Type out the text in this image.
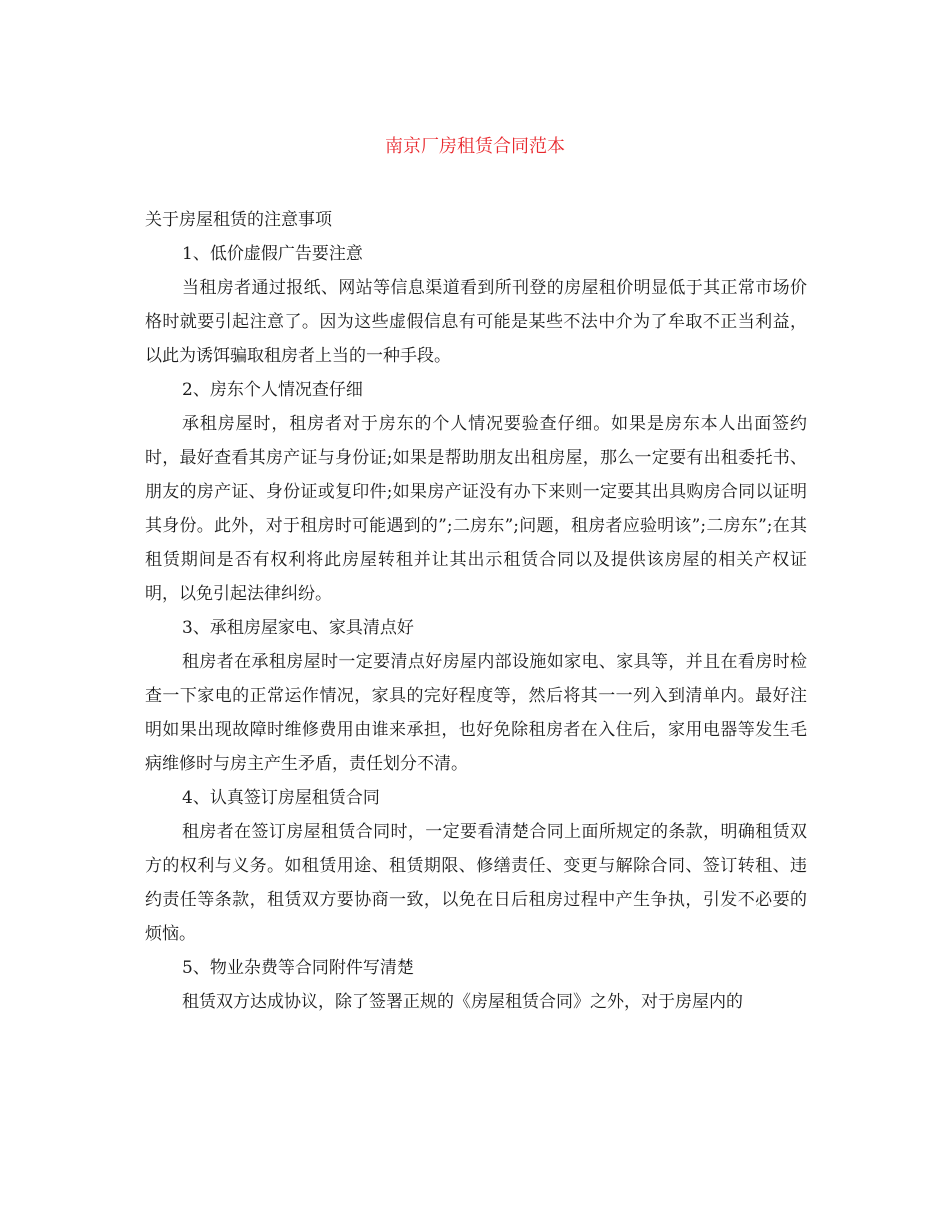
南京厂房租赁合同范本

关于房屋租赁的注意事项

1、低价虚假广告要注意

当租房者通过报纸、网站等信息渠道看到所刊登的房屋租价明显低于其正常市场价格时就要引起注意了。因为这些虚假信息有可能是某些不法中介为了牟取不正当利益，以此为诱饵骗取租房者上当的一种手段。

2、房东个人情况查仔细

承租房屋时，租房者对于房东的个人情况要验查仔细。如果是房东本人出面签约时，最好查看其房产证与身份证;如果是帮助朋友出租房屋，那么一定要有出租委托书、朋友的房产证、身份证或复印件;如果房产证没有办下来则一定要其出具购房合同以证明其身份。此外，对于租房时可能遇到的”;二房东”;问题，租房者应验明该”;二房东”;在其租赁期间是否有权利将此房屋转租并让其出示租赁合同以及提供该房屋的相关产权证明，以免引起法律纠纷。

3、承租房屋家电、家具清点好

租房者在承租房屋时一定要清点好房屋内部设施如家电、家具等，并且在看房时检查一下家电的正常运作情况，家具的完好程度等，然后将其一一列入到清单内。最好注明如果出现故障时维修费用由谁来承担，也好免除租房者在入住后，家用电器等发生毛病维修时与房主产生矛盾，责任划分不清。

4、认真签订房屋租赁合同

租房者在签订房屋租赁合同时，一定要看清楚合同上面所规定的条款，明确租赁双方的权利与义务。如租赁用途、租赁期限、修缮责任、变更与解除合同、签订转租、违约责任等条款，租赁双方要协商一致，以免在日后租房过程中产生争执，引发不必要的烦恼。

5、物业杂费等合同附件写清楚

租赁双方达成协议，除了签署正规的《房屋租赁合同》之外，对于房屋内的
